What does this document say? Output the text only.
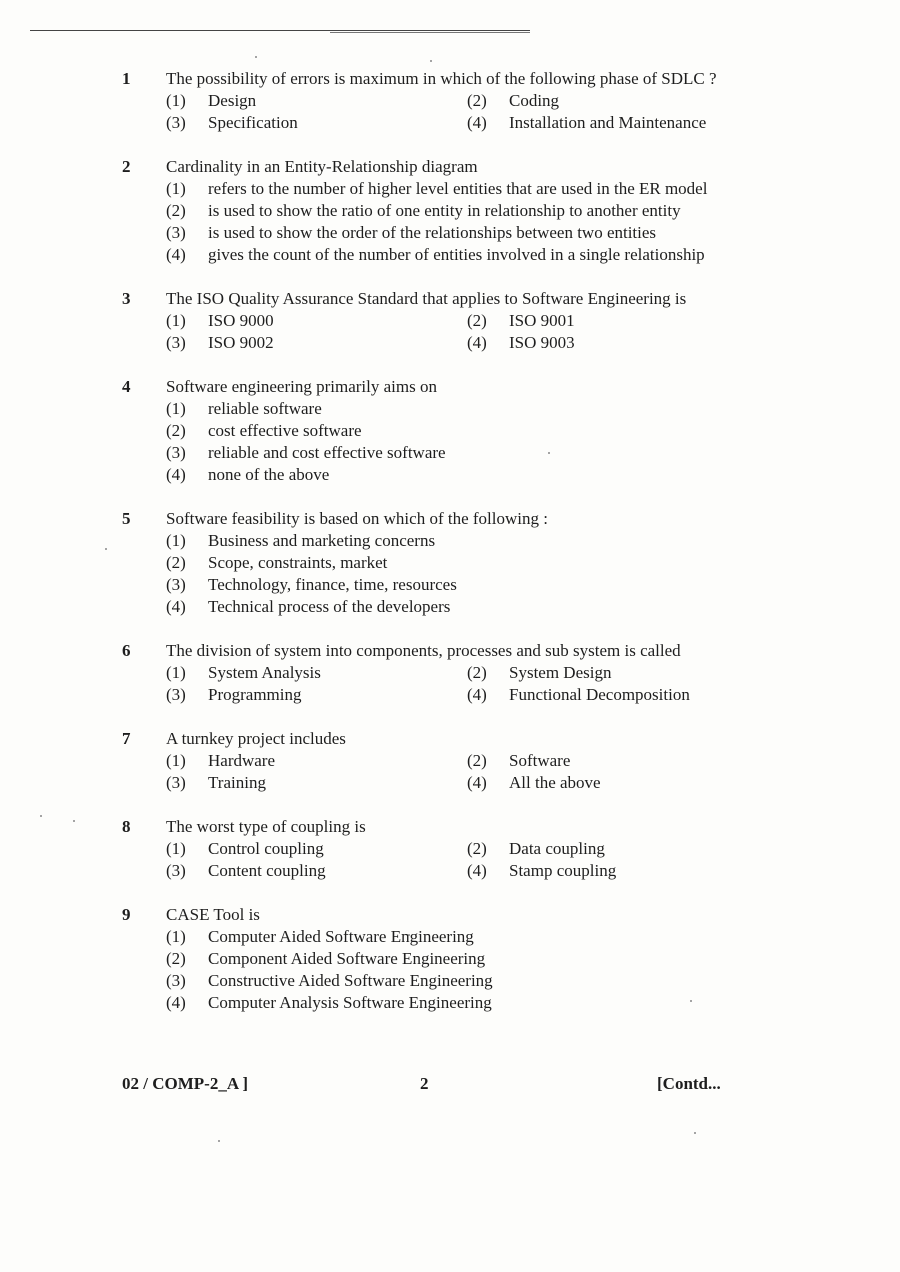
1	The possibility of errors is maximum in which of the following phase of SDLC ?
(1)	Design	(2)	Coding
(3)	Specification	(4)	Installation and Maintenance
2	Cardinality in an Entity-Relationship diagram
(1)	refers to the number of higher level entities that are used in the ER model
(2)	is used to show the ratio of one entity in relationship to another entity
(3)	is used to show the order of the relationships between two entities
(4)	gives the count of the number of entities involved in a single relationship
3	The ISO Quality Assurance Standard that applies to Software Engineering is
(1)	ISO 9000	(2)	ISO 9001
(3)	ISO 9002	(4)	ISO 9003
4	Software engineering primarily aims on
(1)	reliable software
(2)	cost effective software
(3)	reliable and cost effective software
(4)	none of the above
5	Software feasibility is based on which of the following :
(1)	Business and marketing concerns
(2)	Scope, constraints, market
(3)	Technology, finance, time, resources
(4)	Technical process of the developers
6	The division of system into components, processes and sub system is called
(1)	System Analysis	(2)	System Design
(3)	Programming	(4)	Functional Decomposition
7	A turnkey project includes
(1)	Hardware	(2)	Software
(3)	Training	(4)	All the above
8	The worst type of coupling is
(1)	Control coupling	(2)	Data coupling
(3)	Content coupling	(4)	Stamp coupling
9	CASE Tool is
(1)	Computer Aided Software Engineering
(2)	Component Aided Software Engineering
(3)	Constructive Aided Software Engineering
(4)	Computer Analysis Software Engineering
02 / COMP-2_A ]	2	[Contd...
